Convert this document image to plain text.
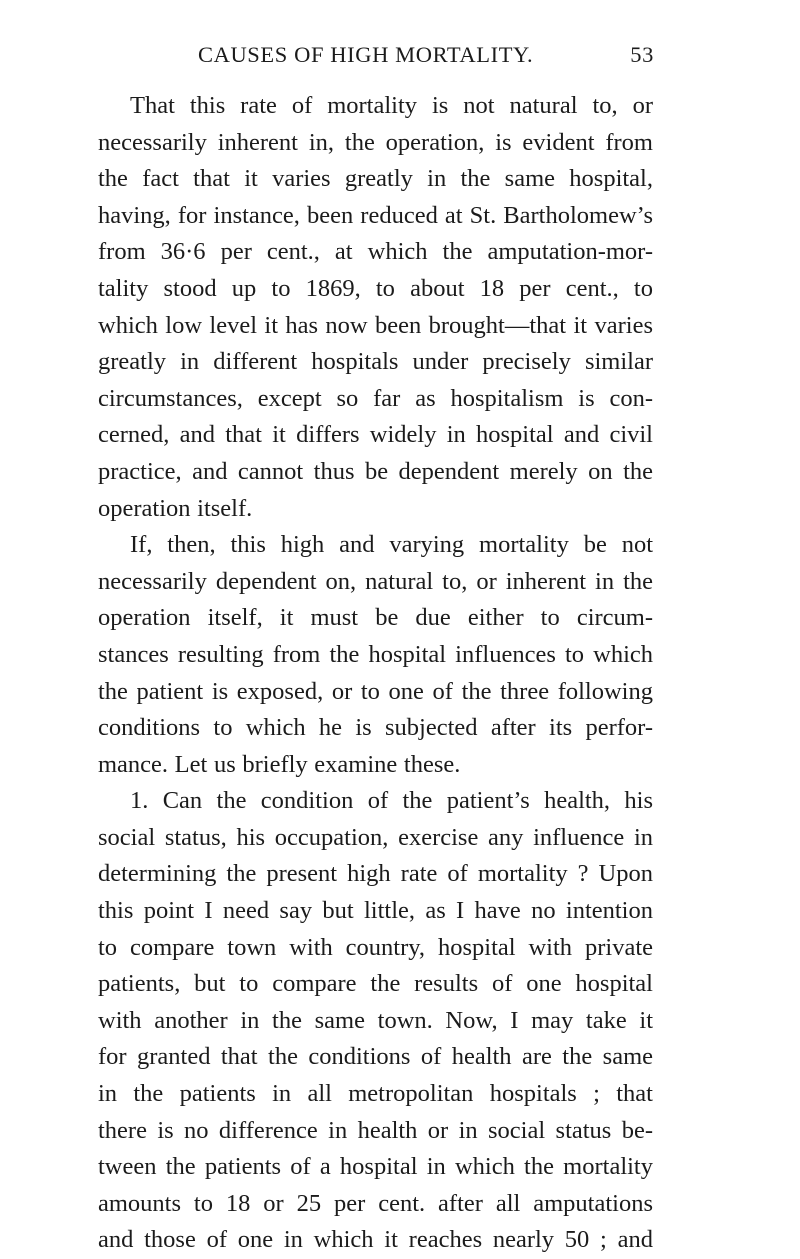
CAUSES OF HIGH MORTALITY.	53
That this rate of mortality is not natural to, or
necessarily inherent in, the operation, is evident from
the fact that it varies greatly in the same hospital,
having, for instance, been reduced at St. Bartholomew’s
from 36·6 per cent., at which the amputation-mor-
tality stood up to 1869, to about 18 per cent., to
which low level it has now been brought—that it varies
greatly in different hospitals under precisely similar
circumstances, except so far as hospitalism is con-
cerned, and that it differs widely in hospital and civil
practice, and cannot thus be dependent merely on the
operation itself.
If, then, this high and varying mortality be not
necessarily dependent on, natural to, or inherent in the
operation itself, it must be due either to circum-
stances resulting from the hospital influences to which
the patient is exposed, or to one of the three following
conditions to which he is subjected after its perfor-
mance. Let us briefly examine these.
1. Can the condition of the patient’s health, his
social status, his occupation, exercise any influence in
determining the present high rate of mortality ? Upon
this point I need say but little, as I have no intention
to compare town with country, hospital with private
patients, but to compare the results of one hospital
with another in the same town. Now, I may take it
for granted that the conditions of health are the same
in the patients in all metropolitan hospitals ; that
there is no difference in health or in social status be-
tween the patients of a hospital in which the mortality
amounts to 18 or 25 per cent. after all amputations
and those of one in which it reaches nearly 50 ; and
